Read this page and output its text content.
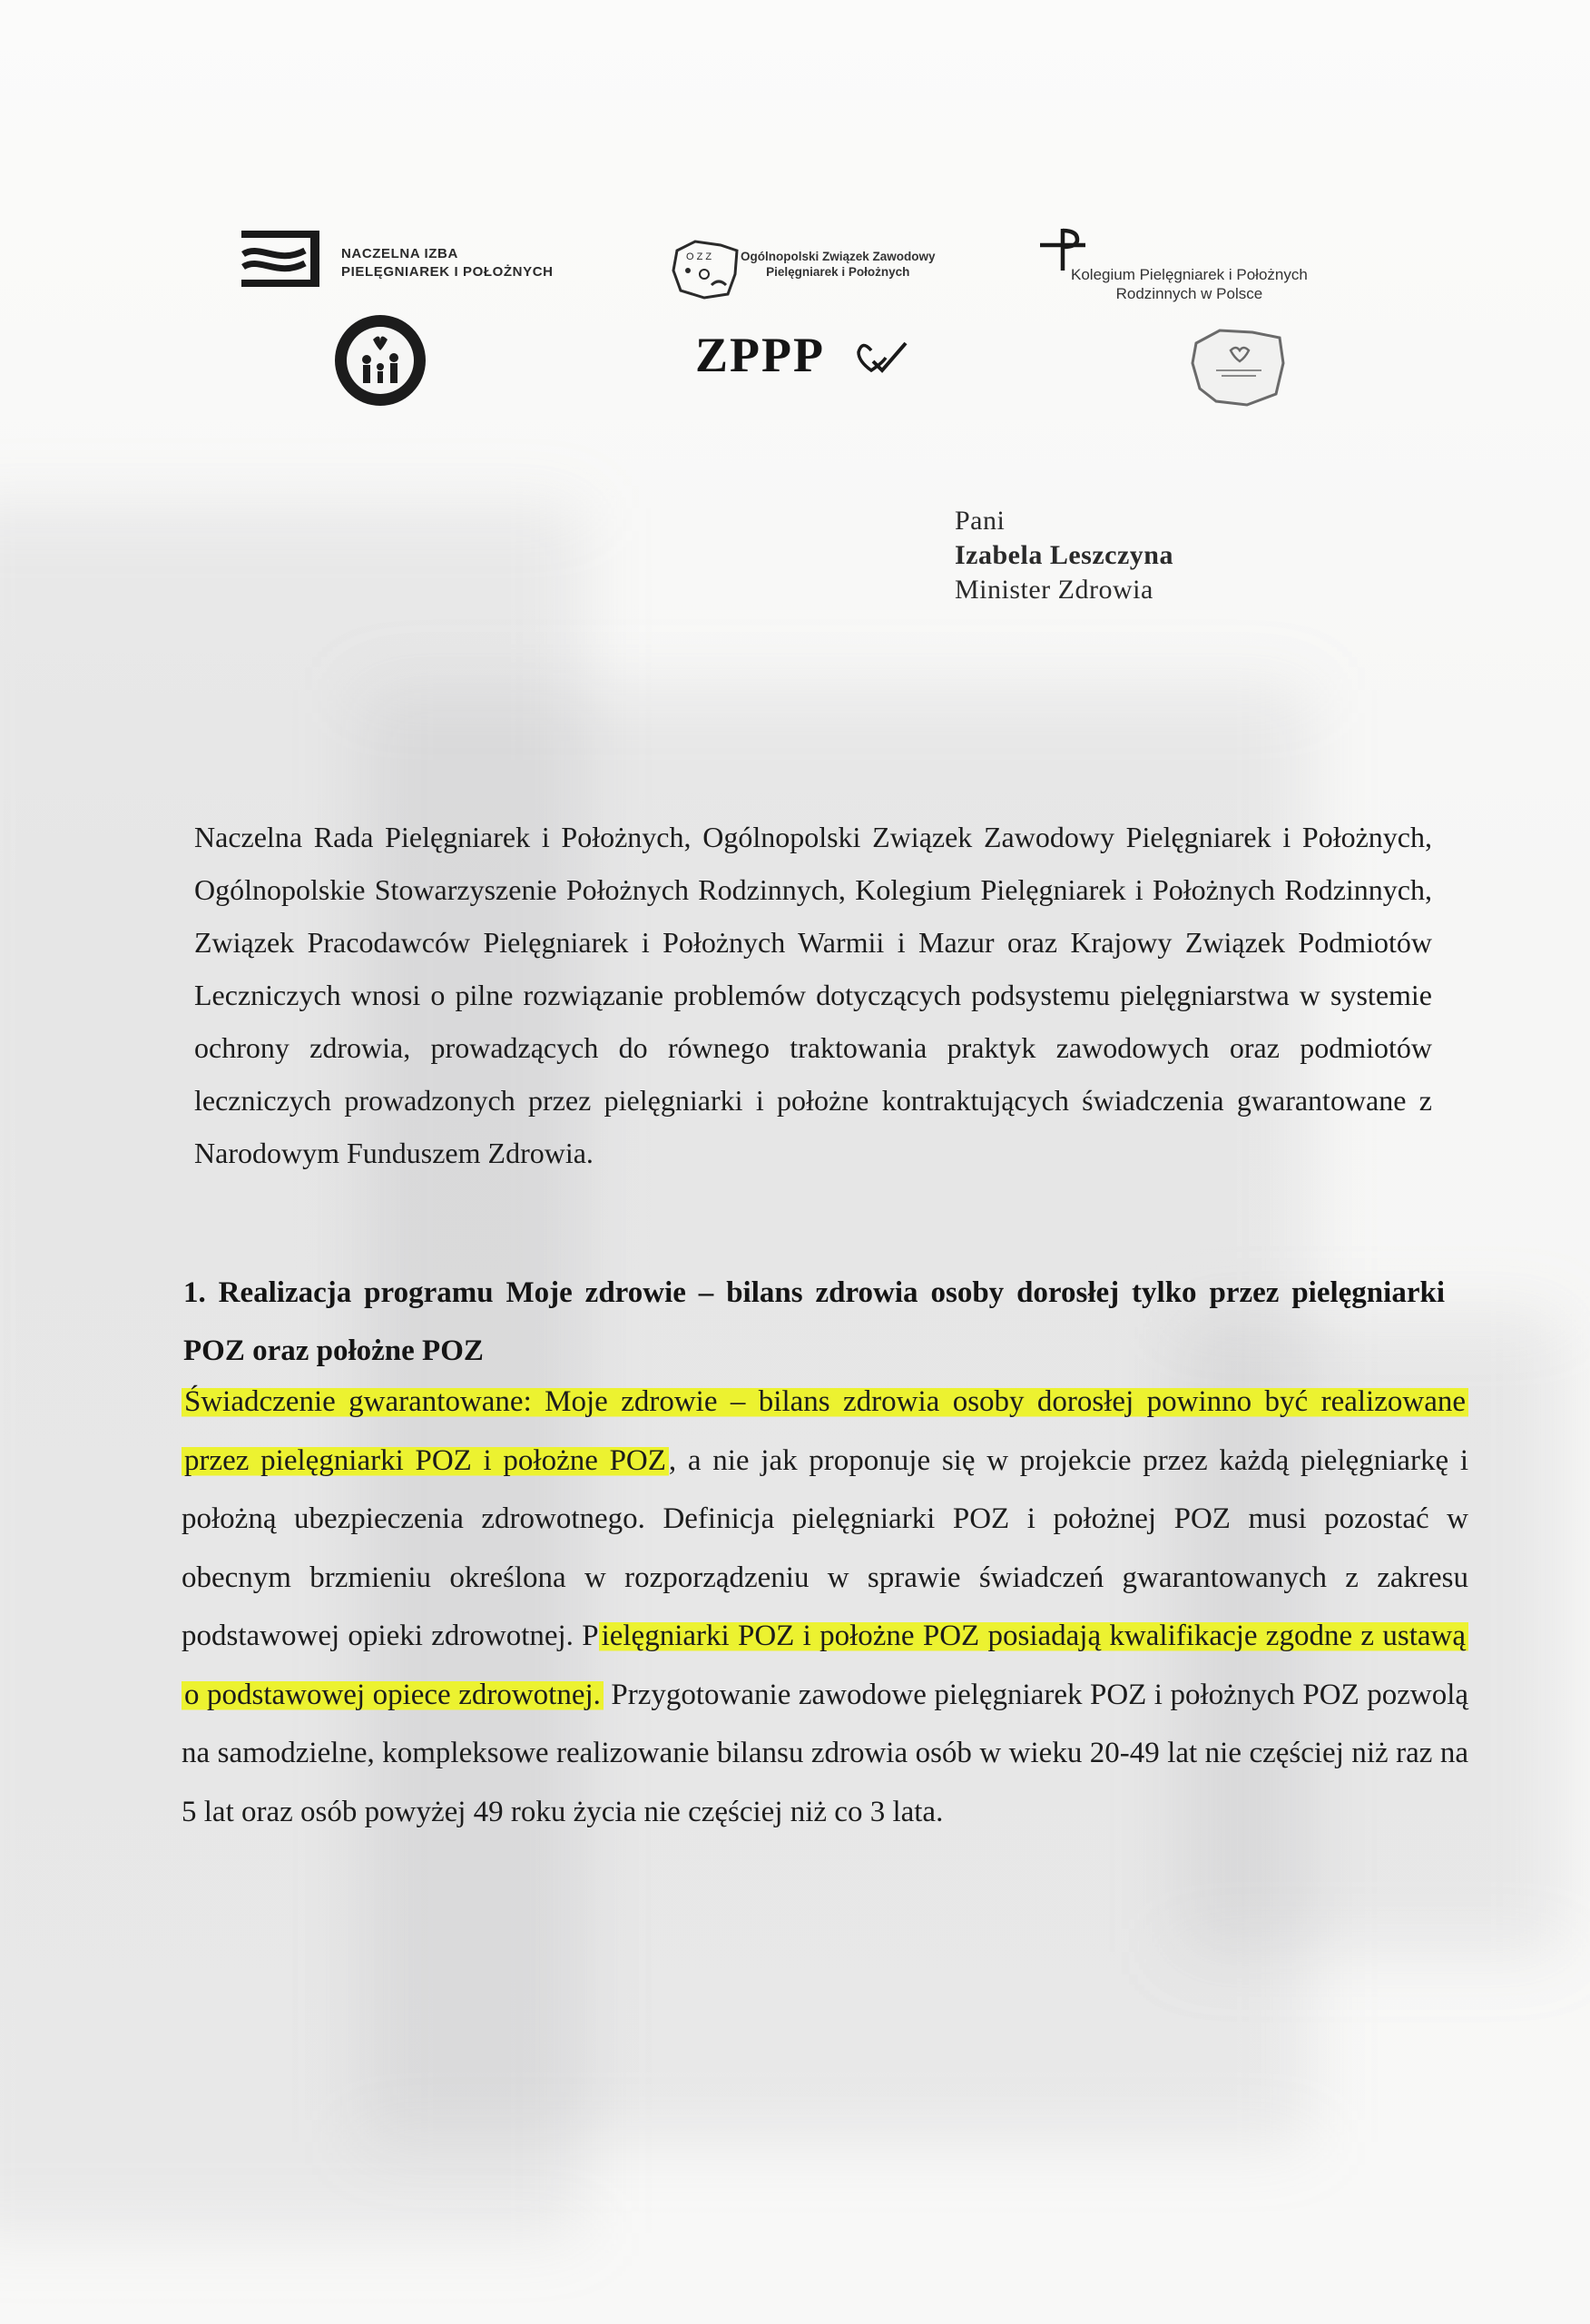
NACZELNA IZBA
PIELĘGNIAREK I POŁOŻNYCH
O Z Z Ogólnopolski Związek Zawodowy
Pielęgniarek i Położnych
ZPPP
Kolegium Pielęgniarek i Położnych
Rodzinnych w Polsce
Pani
Izabela Leszczyna
Minister Zdrowia
Naczelna Rada Pielęgniarek i Położnych, Ogólnopolski Związek Zawodowy Pielęgniarek i Położnych, Ogólnopolskie Stowarzyszenie Położnych Rodzinnych, Kolegium Pielęgniarek i Położnych Rodzinnych, Związek Pracodawców Pielęgniarek i Położnych Warmii i Mazur oraz Krajowy Związek Podmiotów Leczniczych wnosi o pilne rozwiązanie problemów dotyczących podsystemu pielęgniarstwa w systemie ochrony zdrowia, prowadzących do równego traktowania praktyk zawodowych oraz podmiotów leczniczych prowadzonych przez pielęgniarki i położne kontraktujących świadczenia gwarantowane z Narodowym Funduszem Zdrowia.
1. Realizacja programu Moje zdrowie – bilans zdrowia osoby dorosłej tylko przez pielęgniarki POZ oraz położne POZ
Świadczenie gwarantowane: Moje zdrowie – bilans zdrowia osoby dorosłej powinno być realizowane przez pielęgniarki POZ i położne POZ, a nie jak proponuje się w projekcie przez każdą pielęgniarkę i położną ubezpieczenia zdrowotnego. Definicja pielęgniarki POZ i położnej POZ musi pozostać w obecnym brzmieniu określona w rozporządzeniu w sprawie świadczeń gwarantowanych z zakresu podstawowej opieki zdrowotnej. Pielęgniarki POZ i położne POZ posiadają kwalifikacje zgodne z ustawą o podstawowej opiece zdrowotnej. Przygotowanie zawodowe pielęgniarek POZ i położnych POZ pozwolą na samodzielne, kompleksowe realizowanie bilansu zdrowia osób w wieku 20-49 lat nie częściej niż raz na 5 lat oraz osób powyżej 49 roku życia nie częściej niż co 3 lata.
